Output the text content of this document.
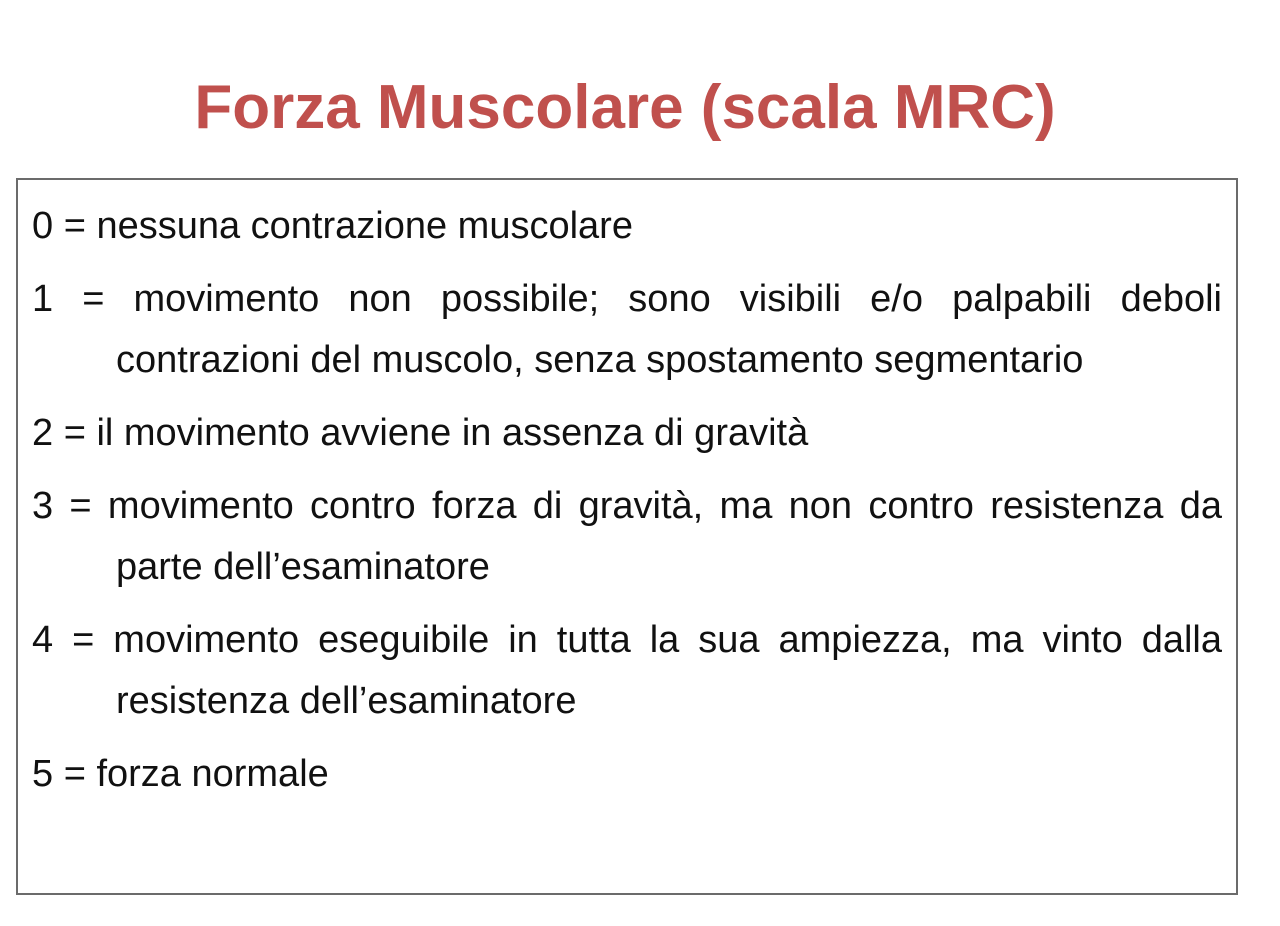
Forza Muscolare (scala MRC)
0 = nessuna contrazione muscolare
1 = movimento non possibile; sono visibili e/o palpabili deboli contrazioni del muscolo, senza spostamento segmentario
2 = il movimento avviene in assenza di gravità
3 = movimento contro forza di gravità, ma non contro resistenza da parte dell’esaminatore
4 = movimento eseguibile in tutta la sua ampiezza, ma vinto dalla resistenza dell’esaminatore
5 = forza normale
